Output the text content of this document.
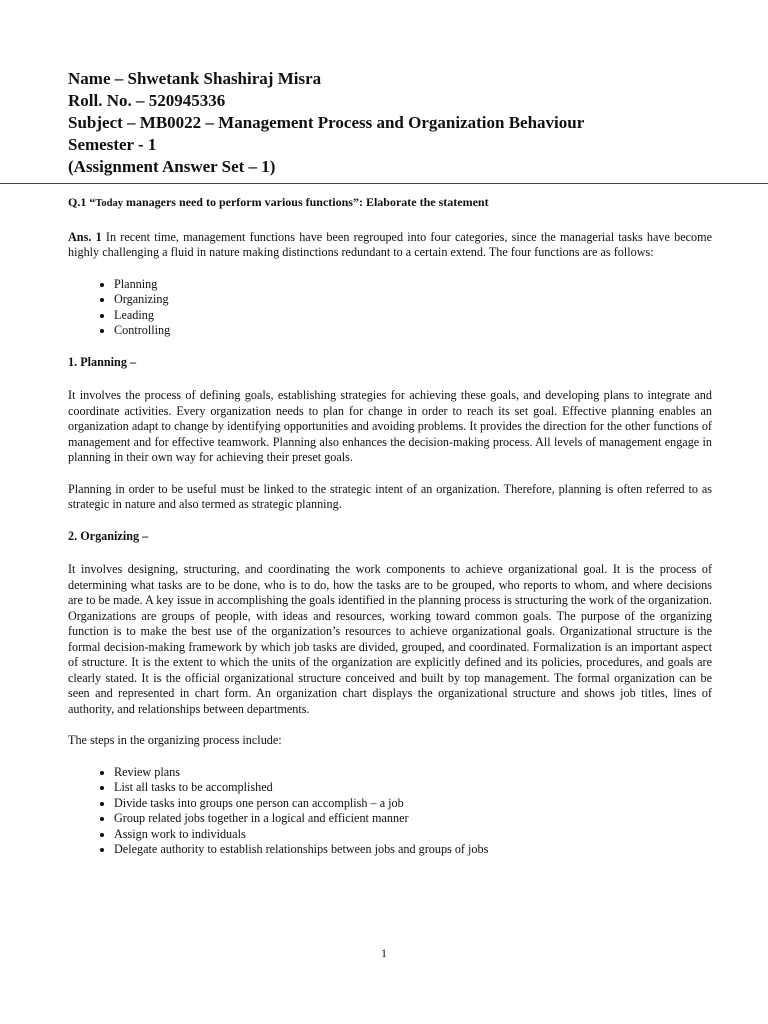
Name – Shwetank Shashiraj Misra
Roll. No. – 520945336
Subject – MB0022 – Management Process and Organization Behaviour
Semester - 1
(Assignment Answer Set – 1)
Q.1 “Today managers need to perform various functions”: Elaborate the statement

Ans. 1 In recent time, management functions have been regrouped into four categories, since the managerial tasks have become highly challenging a fluid in nature making distinctions redundant to a certain extend. The four functions are as follows:

• Planning
• Organizing
• Leading
• Controlling
1. Planning –

It involves the process of defining goals, establishing strategies for achieving these goals, and developing plans to integrate and coordinate activities. Every organization needs to plan for change in order to reach its set goal. Effective planning enables an organization adapt to change by identifying opportunities and avoiding problems. It provides the direction for the other functions of management and for effective teamwork. Planning also enhances the decision-making process. All levels of management engage in planning in their own way for achieving their preset goals.

Planning in order to be useful must be linked to the strategic intent of an organization. Therefore, planning is often referred to as strategic in nature and also termed as strategic planning.

2. Organizing –

It involves designing, structuring, and coordinating the work components to achieve organizational goal. It is the process of determining what tasks are to be done, who is to do, how the tasks are to be grouped, who reports to whom, and where decisions are to be made. A key issue in accomplishing the goals identified in the planning process is structuring the work of the organization. Organizations are groups of people, with ideas and resources, working toward common goals. The purpose of the organizing function is to make the best use of the organization’s resources to achieve organizational goals. Organizational structure is the formal decision-making framework by which job tasks are divided, grouped, and coordinated. Formalization is an important aspect of structure. It is the extent to which the units of the organization are explicitly defined and its policies, procedures, and goals are clearly stated. It is the official organizational structure conceived and built by top management. The formal organization can be seen and represented in chart form. An organization chart displays the organizational structure and shows job titles, lines of authority, and relationships between departments.

The steps in the organizing process include:

• Review plans
• List all tasks to be accomplished
• Divide tasks into groups one person can accomplish – a job
• Group related jobs together in a logical and efficient manner
• Assign work to individuals
• Delegate authority to establish relationships between jobs and groups of jobs
1
